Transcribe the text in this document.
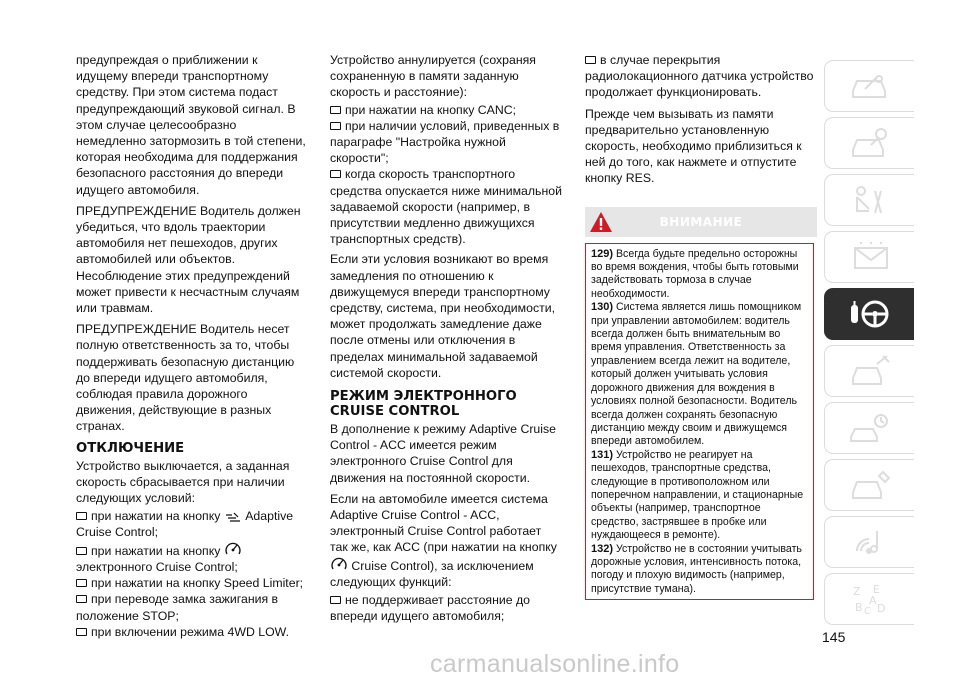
предупреждая о приближении к идущему впереди транспортному средству. При этом система подаст предупреждающий звуковой сигнал. В этом случае целесообразно немедленно затормозить в той степени, которая необходима для поддержания безопасного расстояния до впереди идущего автомобиля.

ПРЕДУПРЕЖДЕНИЕ Водитель должен убедиться, что вдоль траектории автомобиля нет пешеходов, других автомобилей или объектов. Несоблюдение этих предупреждений может привести к несчастным случаям или травмам.

ПРЕДУПРЕЖДЕНИЕ Водитель несет полную ответственность за то, чтобы поддерживать безопасную дистанцию до впереди идущего автомобиля, соблюдая правила дорожного движения, действующие в разных странах.

ОТКЛЮЧЕНИЕ

Устройство выключается, а заданная скорость сбрасывается при наличии следующих условий:

при нажатии на кнопку Adaptive Cruise Control;
при нажатии на кнопку  электронного Cruise Control;
при нажатии на кнопку Speed Limiter;
при переводе замка зажигания в положение STOP;
при включении режима 4WD LOW.

Устройство аннулируется (сохраняя сохраненную в памяти заданную скорость и расстояние):

при нажатии на кнопку CANC;
при наличии условий, приведенных в параграфе "Настройка нужной скорости";
когда скорость транспортного средства опускается ниже минимальной задаваемой скорости (например, в присутствии медленно движущихся транспортных средств).

Если эти условия возникают во время замедления по отношению к движущемуся впереди транспортному средству, система, при необходимости, может продолжать замедление даже после отмены или отключения в пределах минимальной задаваемой системой скорости.

РЕЖИМ ЭЛЕКТРОННОГО CRUISE CONTROL

В дополнение к режиму Adaptive Cruise Control - ACC имеется режим электронного Cruise Control для движения на постоянной скорости.

Если на автомобиле имеется система Adaptive Cruise Control - ACC, электронный Cruise Control работает так же, как АСС (при нажатии на кнопку  Cruise Control), за исключением следующих функций:

не поддерживает расстояние до впереди идущего автомобиля;
в случае перекрытия радиолокационного датчика устройство продолжает функционировать.

Прежде чем вызывать из памяти предварительно установленную скорость, необходимо приблизиться к ней до того, как нажмете и отпустите кнопку RES.

ВНИМАНИЕ

129) Всегда будьте предельно осторожны во время вождения, чтобы быть готовыми задействовать тормоза в случае необходимости.

130) Система является лишь помощником при управлении автомобилем: водитель всегда должен быть внимательным во время управления. Ответственность за управлением всегда лежит на водителе, который должен учитывать условия дорожного движения для вождения в условиях полной безопасности. Водитель всегда должен сохранять безопасную дистанцию между своим и движущемся впереди автомобилем.

131) Устройство не реагирует на пешеходов, транспортные средства, следующие в противоположном или поперечном направлении, и стационарные объекты (например, транспортное средство, застрявшее в пробке или нуждающееся в ремонте).

132) Устройство не в состоянии учитывать дорожные условия, интенсивность потока, погоду и плохую видимость (например, присутствие тумана).	Z E
B
A
D
C
145
carmanualsonline.info
